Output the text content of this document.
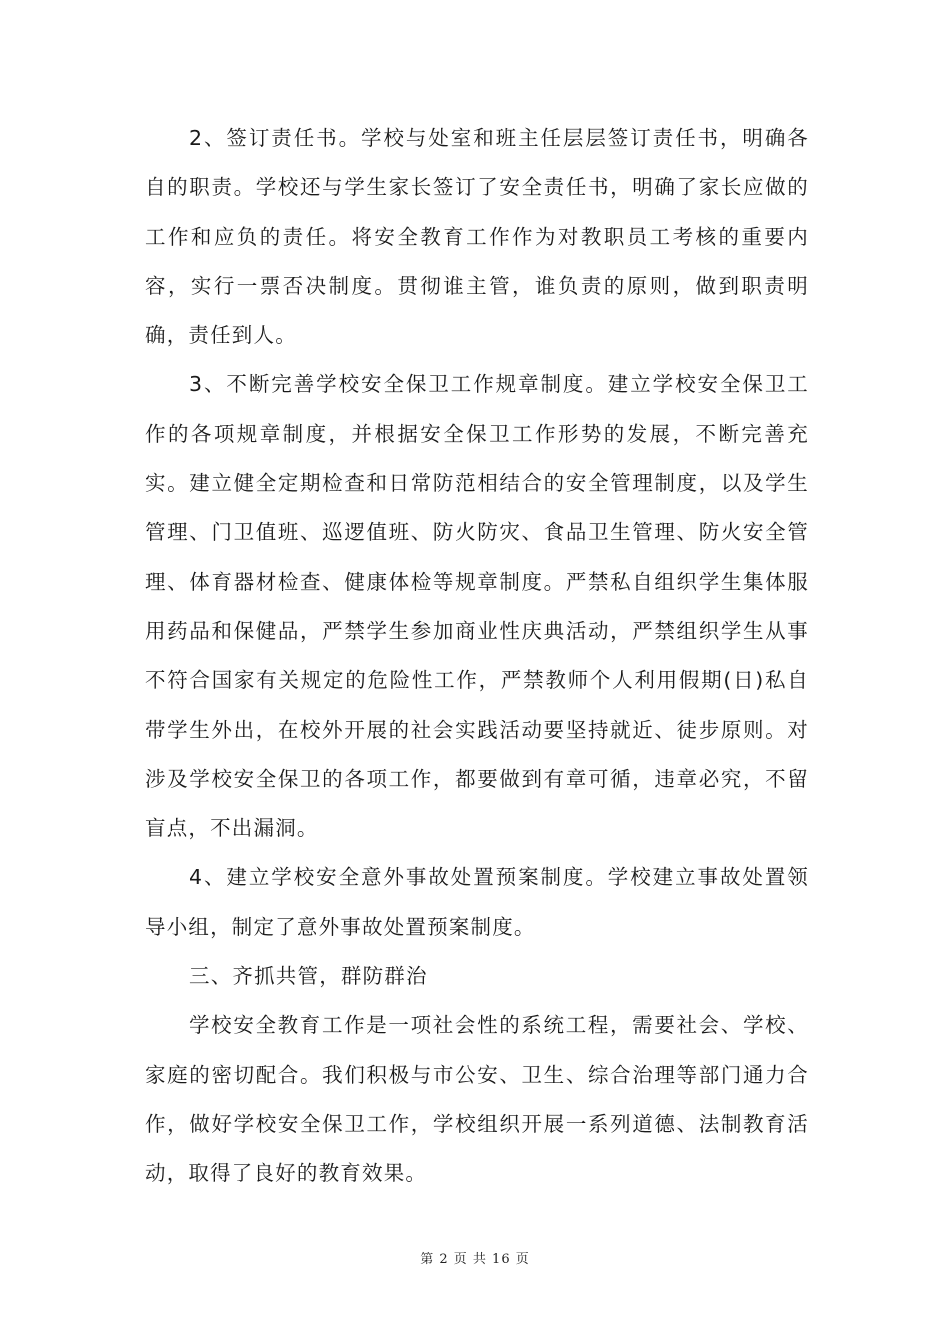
2、签订责任书。学校与处室和班主任层层签订责任书，明确各自的职责。学校还与学生家长签订了安全责任书，明确了家长应做的工作和应负的责任。将安全教育工作作为对教职员工考核的重要内容，实行一票否决制度。贯彻谁主管，谁负责的原则，做到职责明确，责任到人。

3、不断完善学校安全保卫工作规章制度。建立学校安全保卫工作的各项规章制度，并根据安全保卫工作形势的发展，不断完善充实。建立健全定期检查和日常防范相结合的安全管理制度，以及学生管理、门卫值班、巡逻值班、防火防灾、食品卫生管理、防火安全管理、体育器材检查、健康体检等规章制度。严禁私自组织学生集体服用药品和保健品，严禁学生参加商业性庆典活动，严禁组织学生从事不符合国家有关规定的危险性工作，严禁教师个人利用假期(日)私自带学生外出，在校外开展的社会实践活动要坚持就近、徒步原则。对涉及学校安全保卫的各项工作，都要做到有章可循，违章必究，不留盲点，不出漏洞。

4、建立学校安全意外事故处置预案制度。学校建立事故处置领导小组，制定了意外事故处置预案制度。

三、齐抓共管，群防群治

学校安全教育工作是一项社会性的系统工程，需要社会、学校、家庭的密切配合。我们积极与市公安、卫生、综合治理等部门通力合作，做好学校安全保卫工作，学校组织开展一系列道德、法制教育活动，取得了良好的教育效果。

第 2 页 共 16 页
